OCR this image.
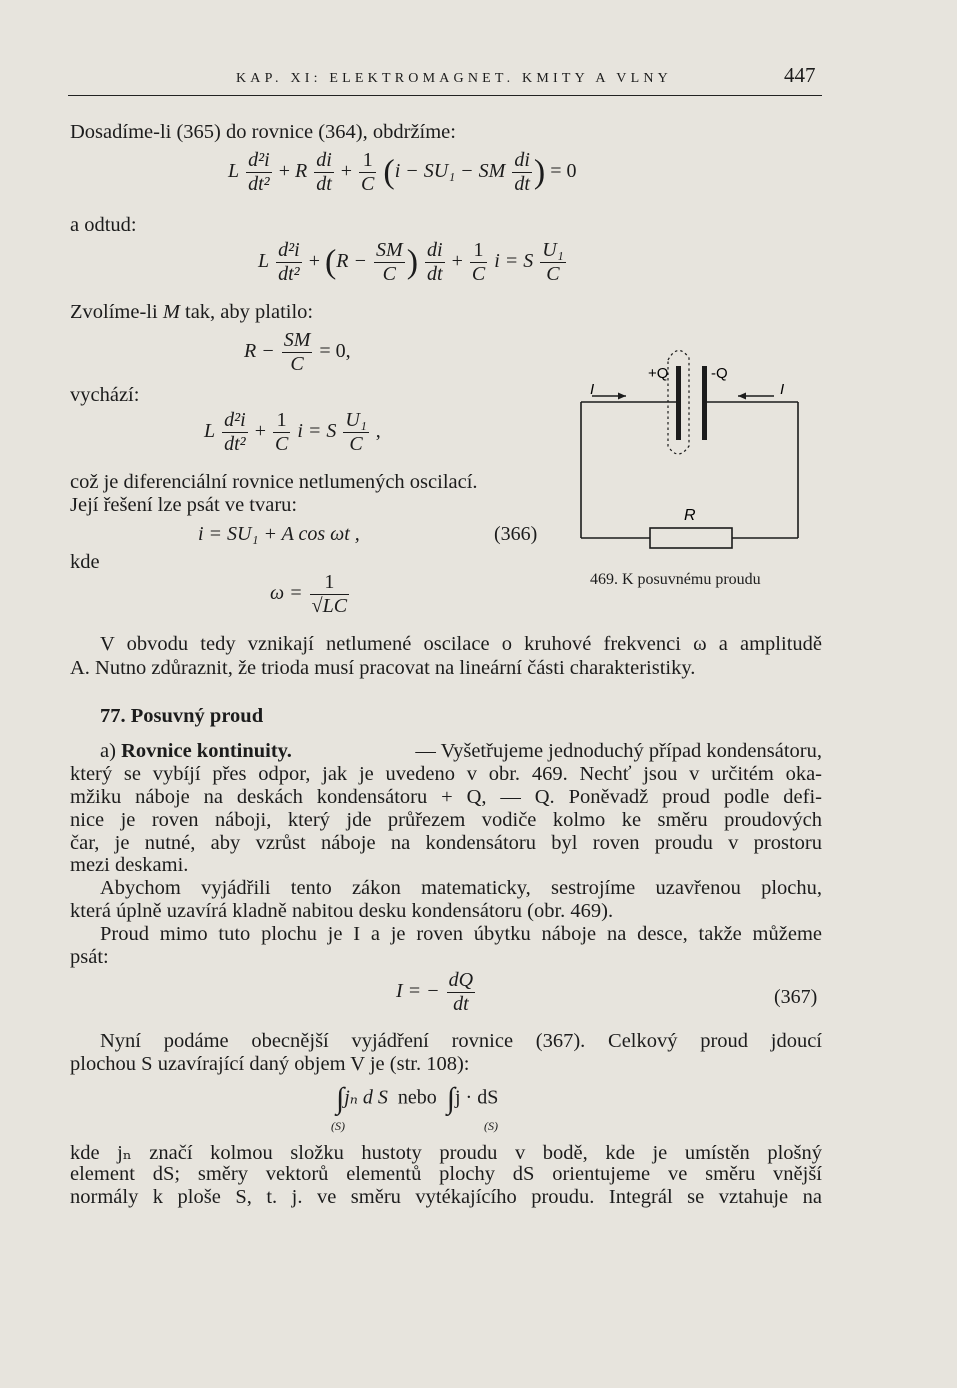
KAP. XI: ELEKTROMAGNET. KMITY A VLNY	447
Dosadíme-li (365) do rovnice (364), obdržíme:
L $\frac{\text{d²i}}{\text{dt²}} + R \frac{di}{dt} + \frac{1}{C} (i - SU_1$ − SM $\frac{di}{dt}$ ) = 0
a odtud:
L $\frac{\text{d²i}}{\text{dt²}} + (R - \frac{SM}{C}$ ) $\frac{di}{dt} + \frac{1}{C}$ i = S $\frac{\text{U₁}}{C}$
Zvolíme-li M tak, aby platilo:
$R - \frac{SM}{C} = 0$,
vychází:
L $\frac{\text{d²i}}{\text{dt²}} + \frac{1}{C}$ i = S $\frac{\text{U₁}}{C}$ ,
což je diferenciální rovnice netlumených oscilací.
Její řešení lze psát ve tvaru:
i = SU₁ + A cos ωt ,	(366)
kde
$\omega = \frac{1}{√LC}$
+Q	-Q
I	I
R
469. K posuvnému proudu
V obvodu tedy vznikají netlumené oscilace o kruhové frekvenci ω a amplitudě
A. Nutno zdůraznit, že trioda musí pracovat na lineární části charakteristiky.
77. Posuvný proud
a)
Rovnice kontinuity.	— Vyšetřujeme jednoduchý případ kondensátoru,
který se vybíjí přes odpor, jak je uvedeno v obr. 469. Nechť jsou v určitém oka-
mžiku náboje na deskách kondensátoru + Q, — Q. Poněvadž proud podle defi-
nice je roven náboji, který jde průřezem vodiče kolmo ke směru proudových
čar, je nutné, aby vzrůst náboje na kondensátoru byl roven proudu v prostoru
mezi deskami.
Abychom vyjádřili tento zákon matematicky, sestrojíme uzavřenou plochu,
která úplně uzavírá kladně nabitou desku kondensátoru (obr. 469).
Proud mimo tuto plochu je I a je roven úbytku náboje na desce, takže můžeme
psát:
I = − $\frac{dQ}{dt}$	(367)
Nyní podáme obecnější vyjádření rovnice (367). Celkový proud jdoucí
plochou S uzavírající daný objem V je (str. 108):
∫jₙ d S nebo ∫j · dS
(S)	(S)
kde jₙ značí kolmou složku hustoty proudu v bodě, kde je umístěn plošný
element dS; směry vektorů elementů plochy dS orientujeme ve směru vnější
normály k ploše S, t. j. ve směru vytékajícího proudu. Integrál se vztahuje na
